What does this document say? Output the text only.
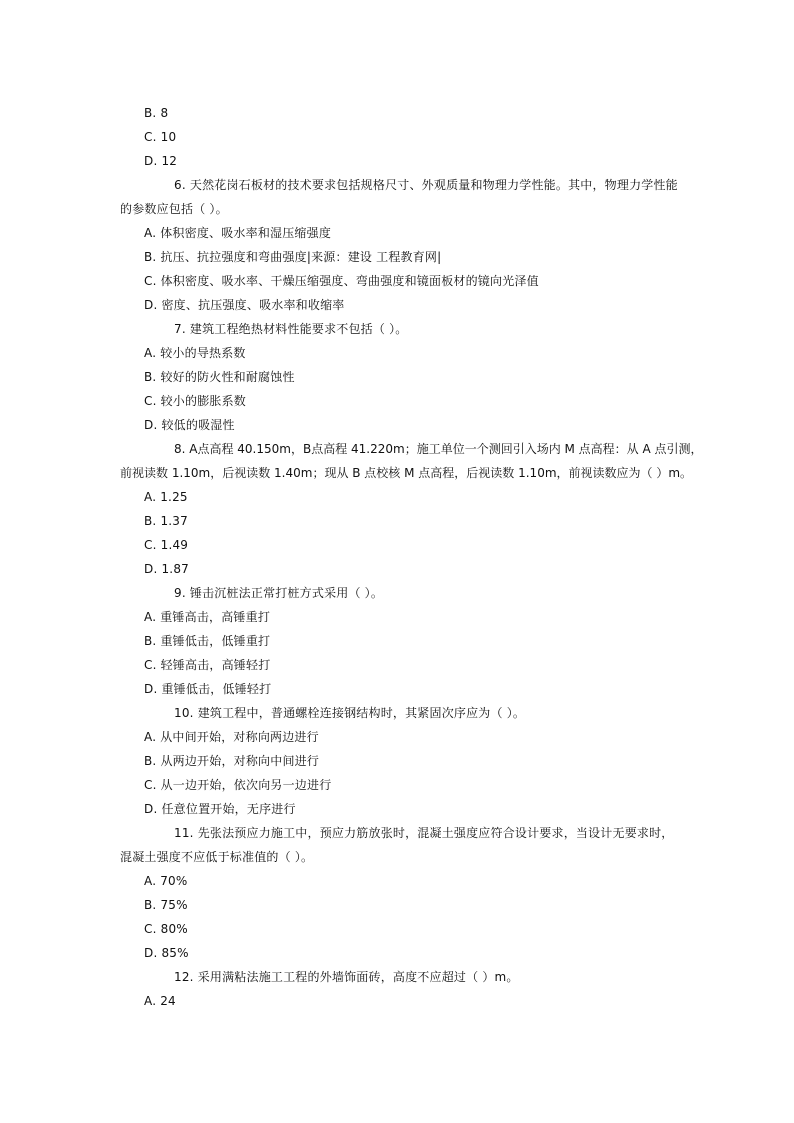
B. 8
C. 10
D. 12
6. 天然花岗石板材的技术要求包括规格尺寸、外观质量和物理力学性能。其中，物理力学性能
的参数应包括（ ）。
A. 体积密度、吸水率和湿压缩强度
B. 抗压、抗拉强度和弯曲强度|来源：建设 工程教育网|
C. 体积密度、吸水率、干燥压缩强度、弯曲强度和镜面板材的镜向光泽值
D. 密度、抗压强度、吸水率和收缩率
7. 建筑工程绝热材料性能要求不包括（ ）。
A. 较小的导热系数
B. 较好的防火性和耐腐蚀性
C. 较小的膨胀系数
D. 较低的吸湿性
8. A点高程 40.150m，B点高程 41.220m；施工单位一个测回引入场内 M 点高程：从 A 点引测，
前视读数 1.10m，后视读数 1.40m；现从 B 点校核 M 点高程，后视读数 1.10m，前视读数应为（ ）m。
A. 1.25
B. 1.37
C. 1.49
D. 1.87
9. 锤击沉桩法正常打桩方式采用（ ）。
A. 重锤高击，高锤重打
B. 重锤低击，低锤重打
C. 轻锤高击，高锤轻打
D. 重锤低击，低锤轻打
10. 建筑工程中，普通螺栓连接钢结构时，其紧固次序应为（ ）。
A. 从中间开始，对称向两边进行
B. 从两边开始，对称向中间进行
C. 从一边开始，依次向另一边进行
D. 任意位置开始，无序进行
11. 先张法预应力施工中，预应力筋放张时，混凝土强度应符合设计要求，当设计无要求时，
混凝土强度不应低于标准值的（ ）。
A. 70%
B. 75%
C. 80%
D. 85%
12. 采用满粘法施工工程的外墙饰面砖，高度不应超过（ ）m。
A. 24
